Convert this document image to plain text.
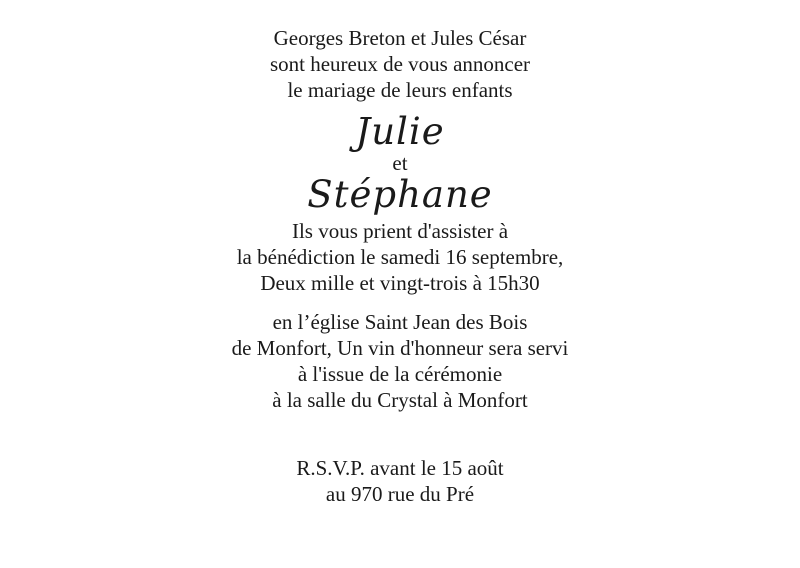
Georges Breton et Jules César

sont heureux de vous annoncer

le mariage de leurs enfants

Julie

et

Stéphane

Ils vous prient d'assister à

la bénédiction le samedi 16 septembre,

Deux mille et vingt-trois à 15h30

en l’église Saint Jean des Bois

de Monfort, Un vin d'honneur sera servi

à l'issue de la cérémonie

à la salle du Crystal à Monfort

R.S.V.P. avant le 15 août

au 970 rue du Pré
